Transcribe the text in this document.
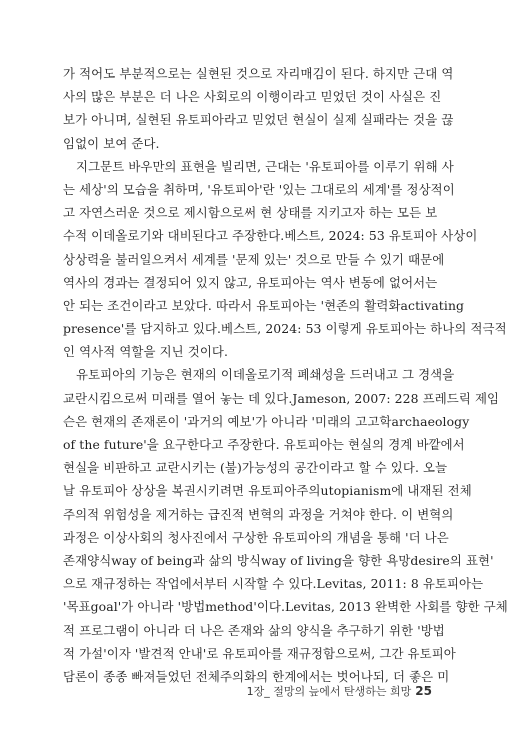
가 적어도 부분적으로는 실현된 것으로 자리매김이 된다. 하지만 근대 역
사의 많은 부분은 더 나은 사회로의 이행이라고 믿었던 것이 사실은 진
보가 아니며, 실현된 유토피아라고 믿었던 현실이 실제 실패라는 것을 끊
임없이 보여 준다.
지그문트 바우만의 표현을 빌리면, 근대는 '유토피아를 이루기 위해 사
는 세상'의 모습을 취하며, '유토피아'란 '있는 그대로의 세계'를 정상적이
고 자연스러운 것으로 제시함으로써 현 상태를 지키고자 하는 모든 보
수적 이데올로기와 대비된다고 주장한다.베스트, 2024: 53 유토피아 사상이
상상력을 불러일으켜서 세계를 '문제 있는' 것으로 만들 수 있기 때문에
역사의 경과는 결정되어 있지 않고, 유토피아는 역사 변동에 없어서는
안 되는 조건이라고 보았다. 따라서 유토피아는 '현존의 활력화activating
presence'를 담지하고 있다.베스트, 2024: 53 이렇게 유토피아는 하나의 적극적
인 역사적 역할을 지닌 것이다.
유토피아의 기능은 현재의 이데올로기적 폐쇄성을 드러내고 그 경색을
교란시킴으로써 미래를 열어 놓는 데 있다.Jameson, 2007: 228 프레드릭 제임
슨은 현재의 존재론이 '과거의 예보'가 아니라 '미래의 고고학archaeology
of the future'을 요구한다고 주장한다. 유토피아는 현실의 경계 바깥에서
현실을 비판하고 교란시키는 (불)가능성의 공간이라고 할 수 있다. 오늘
날 유토피아 상상을 복권시키려면 유토피아주의utopianism에 내재된 전체
주의적 위험성을 제거하는 급진적 변혁의 과정을 거쳐야 한다. 이 변혁의
과정은 이상사회의 청사진에서 구상한 유토피아의 개념을 통해 '더 나은
존재양식way of being과 삶의 방식way of living을 향한 욕망desire의 표현'
으로 재규정하는 작업에서부터 시작할 수 있다.Levitas, 2011: 8 유토피아는
'목표goal'가 아니라 '방법method'이다.Levitas, 2013 완벽한 사회를 향한 구체
적 프로그램이 아니라 더 나은 존재와 삶의 양식을 추구하기 위한 '방법
적 가설'이자 '발견적 안내'로 유토피아를 재규정함으로써, 그간 유토피아
담론이 종종 빠져들었던 전체주의화의 한계에서는 벗어나되, 더 좋은 미
1장_ 절망의 늪에서 탄생하는 희망 25
